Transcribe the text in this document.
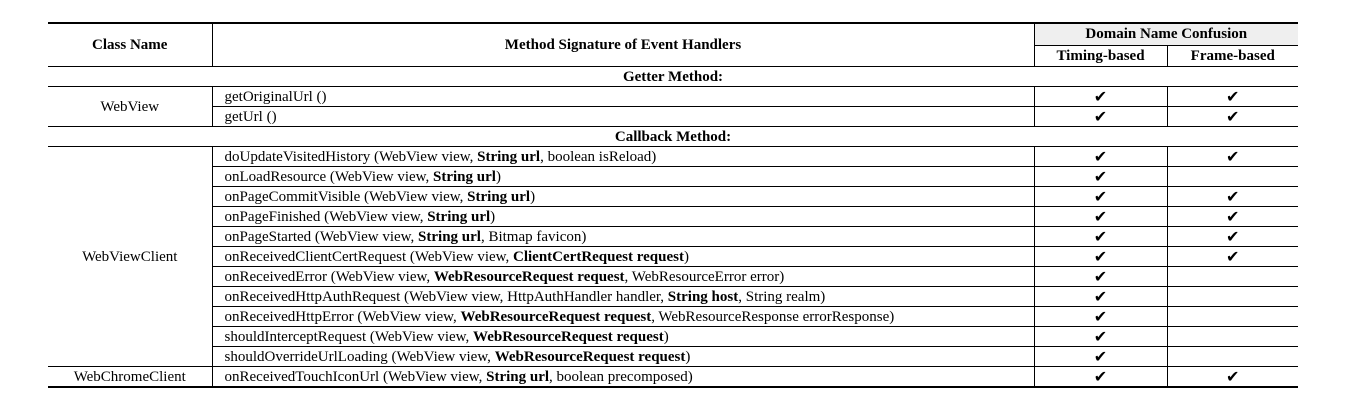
Class Name	Method Signature of Event Handlers	Domain Name Confusion	
		Timing-based	Frame-based
Getter Method:			
WebView	getOriginalUrl ()	✔	✔
	getUrl ()	✔	✔
Callback Method:			
WebViewClient	doUpdateVisitedHistory (WebView view, String url, boolean isReload)	✔	✔
	onLoadResource (WebView view, String url)	✔	
	onPageCommitVisible (WebView view, String url)	✔	✔
	onPageFinished (WebView view, String url)	✔	✔
	onPageStarted (WebView view, String url, Bitmap favicon)	✔	✔
	onReceivedClientCertRequest (WebView view, ClientCertRequest request)	✔	✔
	onReceivedError (WebView view, WebResourceRequest request, WebResourceError error)	✔	
	onReceivedHttpAuthRequest (WebView view, HttpAuthHandler handler, String host, String realm)	✔	
	onReceivedHttpError (WebView view, WebResourceRequest request, WebResourceResponse errorResponse)	✔	
	shouldInterceptRequest (WebView view, WebResourceRequest request)	✔	
	shouldOverrideUrlLoading (WebView view, WebResourceRequest request)	✔	
WebChromeClient	onReceivedTouchIconUrl (WebView view, String url, boolean precomposed)	✔	✔
